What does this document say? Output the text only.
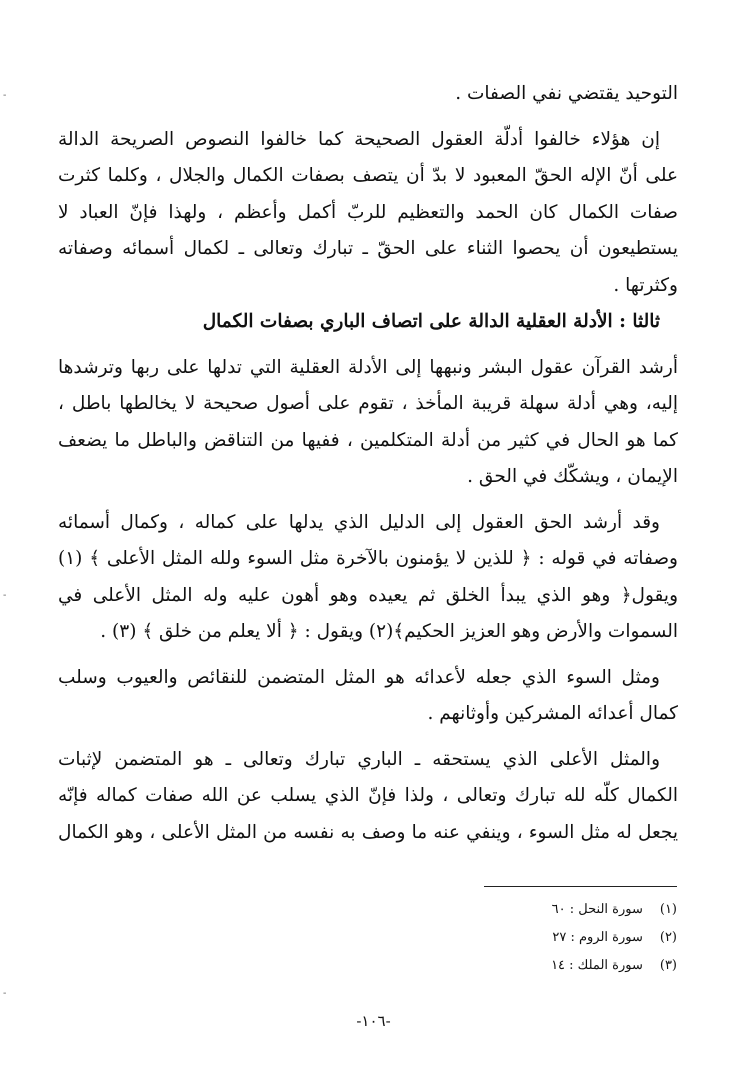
التوحيد يقتضي نفي الصفات .
إن هؤلاء خالفوا أدلّة العقول الصحيحة كما خالفوا النصوص الصريحة الدالة
على أنّ الإله الحقّ المعبود لا بدّ أن يتصف بصفات الكمال والجلال ، وكلما كثرت
صفات الكمال كان الحمد والتعظيم للربّ أكمل وأعظم ، ولهذا فإنّ العباد لا
يستطيعون أن يحصوا الثناء على الحقّ ـ تبارك وتعالى ـ لكمال أسمائه وصفاته
وكثرتها .
ثالثا : الأدلة العقلية الدالة على اتصاف الباري بصفات الكمال
أرشد القرآن عقول البشر ونبهها إلى الأدلة العقلية التي تدلها على ربها وترشدها
إليه، وهي أدلة سهلة قريبة المأخذ ، تقوم على أصول صحيحة لا يخالطها باطل ،
كما هو الحال في كثير من أدلة المتكلمين ، ففيها من التناقض والباطل ما يضعف
الإيمان ، ويشكّك في الحق .
وقد أرشد الحق العقول إلى الدليل الذي يدلها على كماله ، وكمال أسمائه
وصفاته في قوله : ﴿ للذين لا يؤمنون بالآخرة مثل السوء ولله المثل الأعلى ﴾ (١)
ويقول﴿ وهو الذي يبدأ الخلق ثم يعيده وهو أهون عليه وله المثل الأعلى في
السموات والأرض وهو العزيز الحكيم﴾(٢) ويقول : ﴿ ألا يعلم من خلق ﴾ (٣) .
ومثل السوء الذي جعله لأعدائه هو المثل المتضمن للنقائص والعيوب وسلب
كمال أعدائه المشركين وأوثانهم .
والمثل الأعلى الذي يستحقه ـ الباري تبارك وتعالى ـ هو المتضمن لإثبات
الكمال كلّه لله تبارك وتعالى ، ولذا فإنّ الذي يسلب عن الله صفات كماله فإنّه
يجعل له مثل السوء ، وينفي عنه ما وصف به نفسه من المثل الأعلى ، وهو الكمال
(١) سورة النحل : ٦٠
(٢) سورة الروم : ٢٧
(٣) سورة الملك : ١٤
-١٠٦-
-
-
-
